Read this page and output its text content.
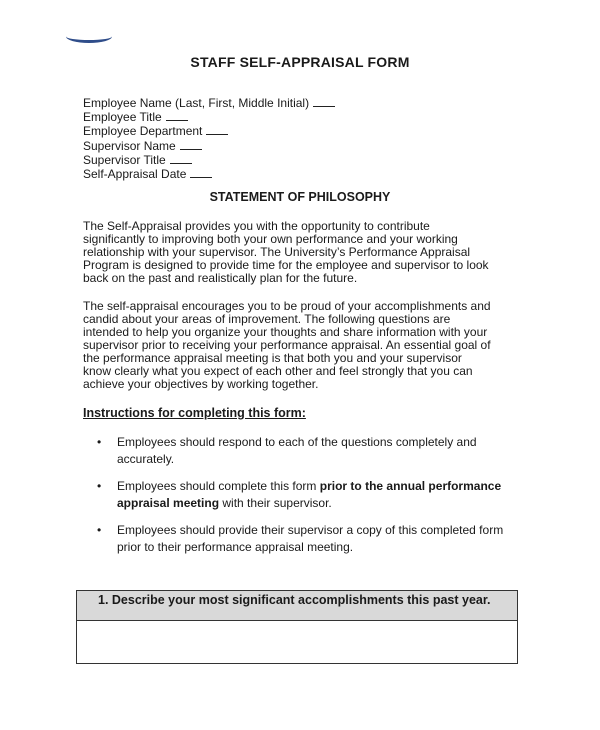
STAFF SELF-APPRAISAL FORM
Employee Name (Last, First, Middle Initial)
Employee Title
Employee Department
Supervisor Name
Supervisor Title
Self-Appraisal Date
STATEMENT OF PHILOSOPHY

The Self-Appraisal provides you with the opportunity to contribute significantly to improving both your own performance and your working relationship with your supervisor. The University’s Performance Appraisal Program is designed to provide time for the employee and supervisor to look back on the past and realistically plan for the future.

The self-appraisal encourages you to be proud of your accomplishments and candid about your areas of improvement. The following questions are intended to help you organize your thoughts and share information with your supervisor prior to receiving your performance appraisal. An essential goal of the performance appraisal meeting is that both you and your supervisor know clearly what you expect of each other and feel strongly that you can achieve your objectives by working together.

Instructions for completing this form:
• Employees should respond to each of the questions completely and accurately.
• Employees should complete this form prior to the annual performance appraisal meeting with their supervisor.
• Employees should provide their supervisor a copy of this completed form prior to their performance appraisal meeting.
1. Describe your most significant accomplishments this past year.
